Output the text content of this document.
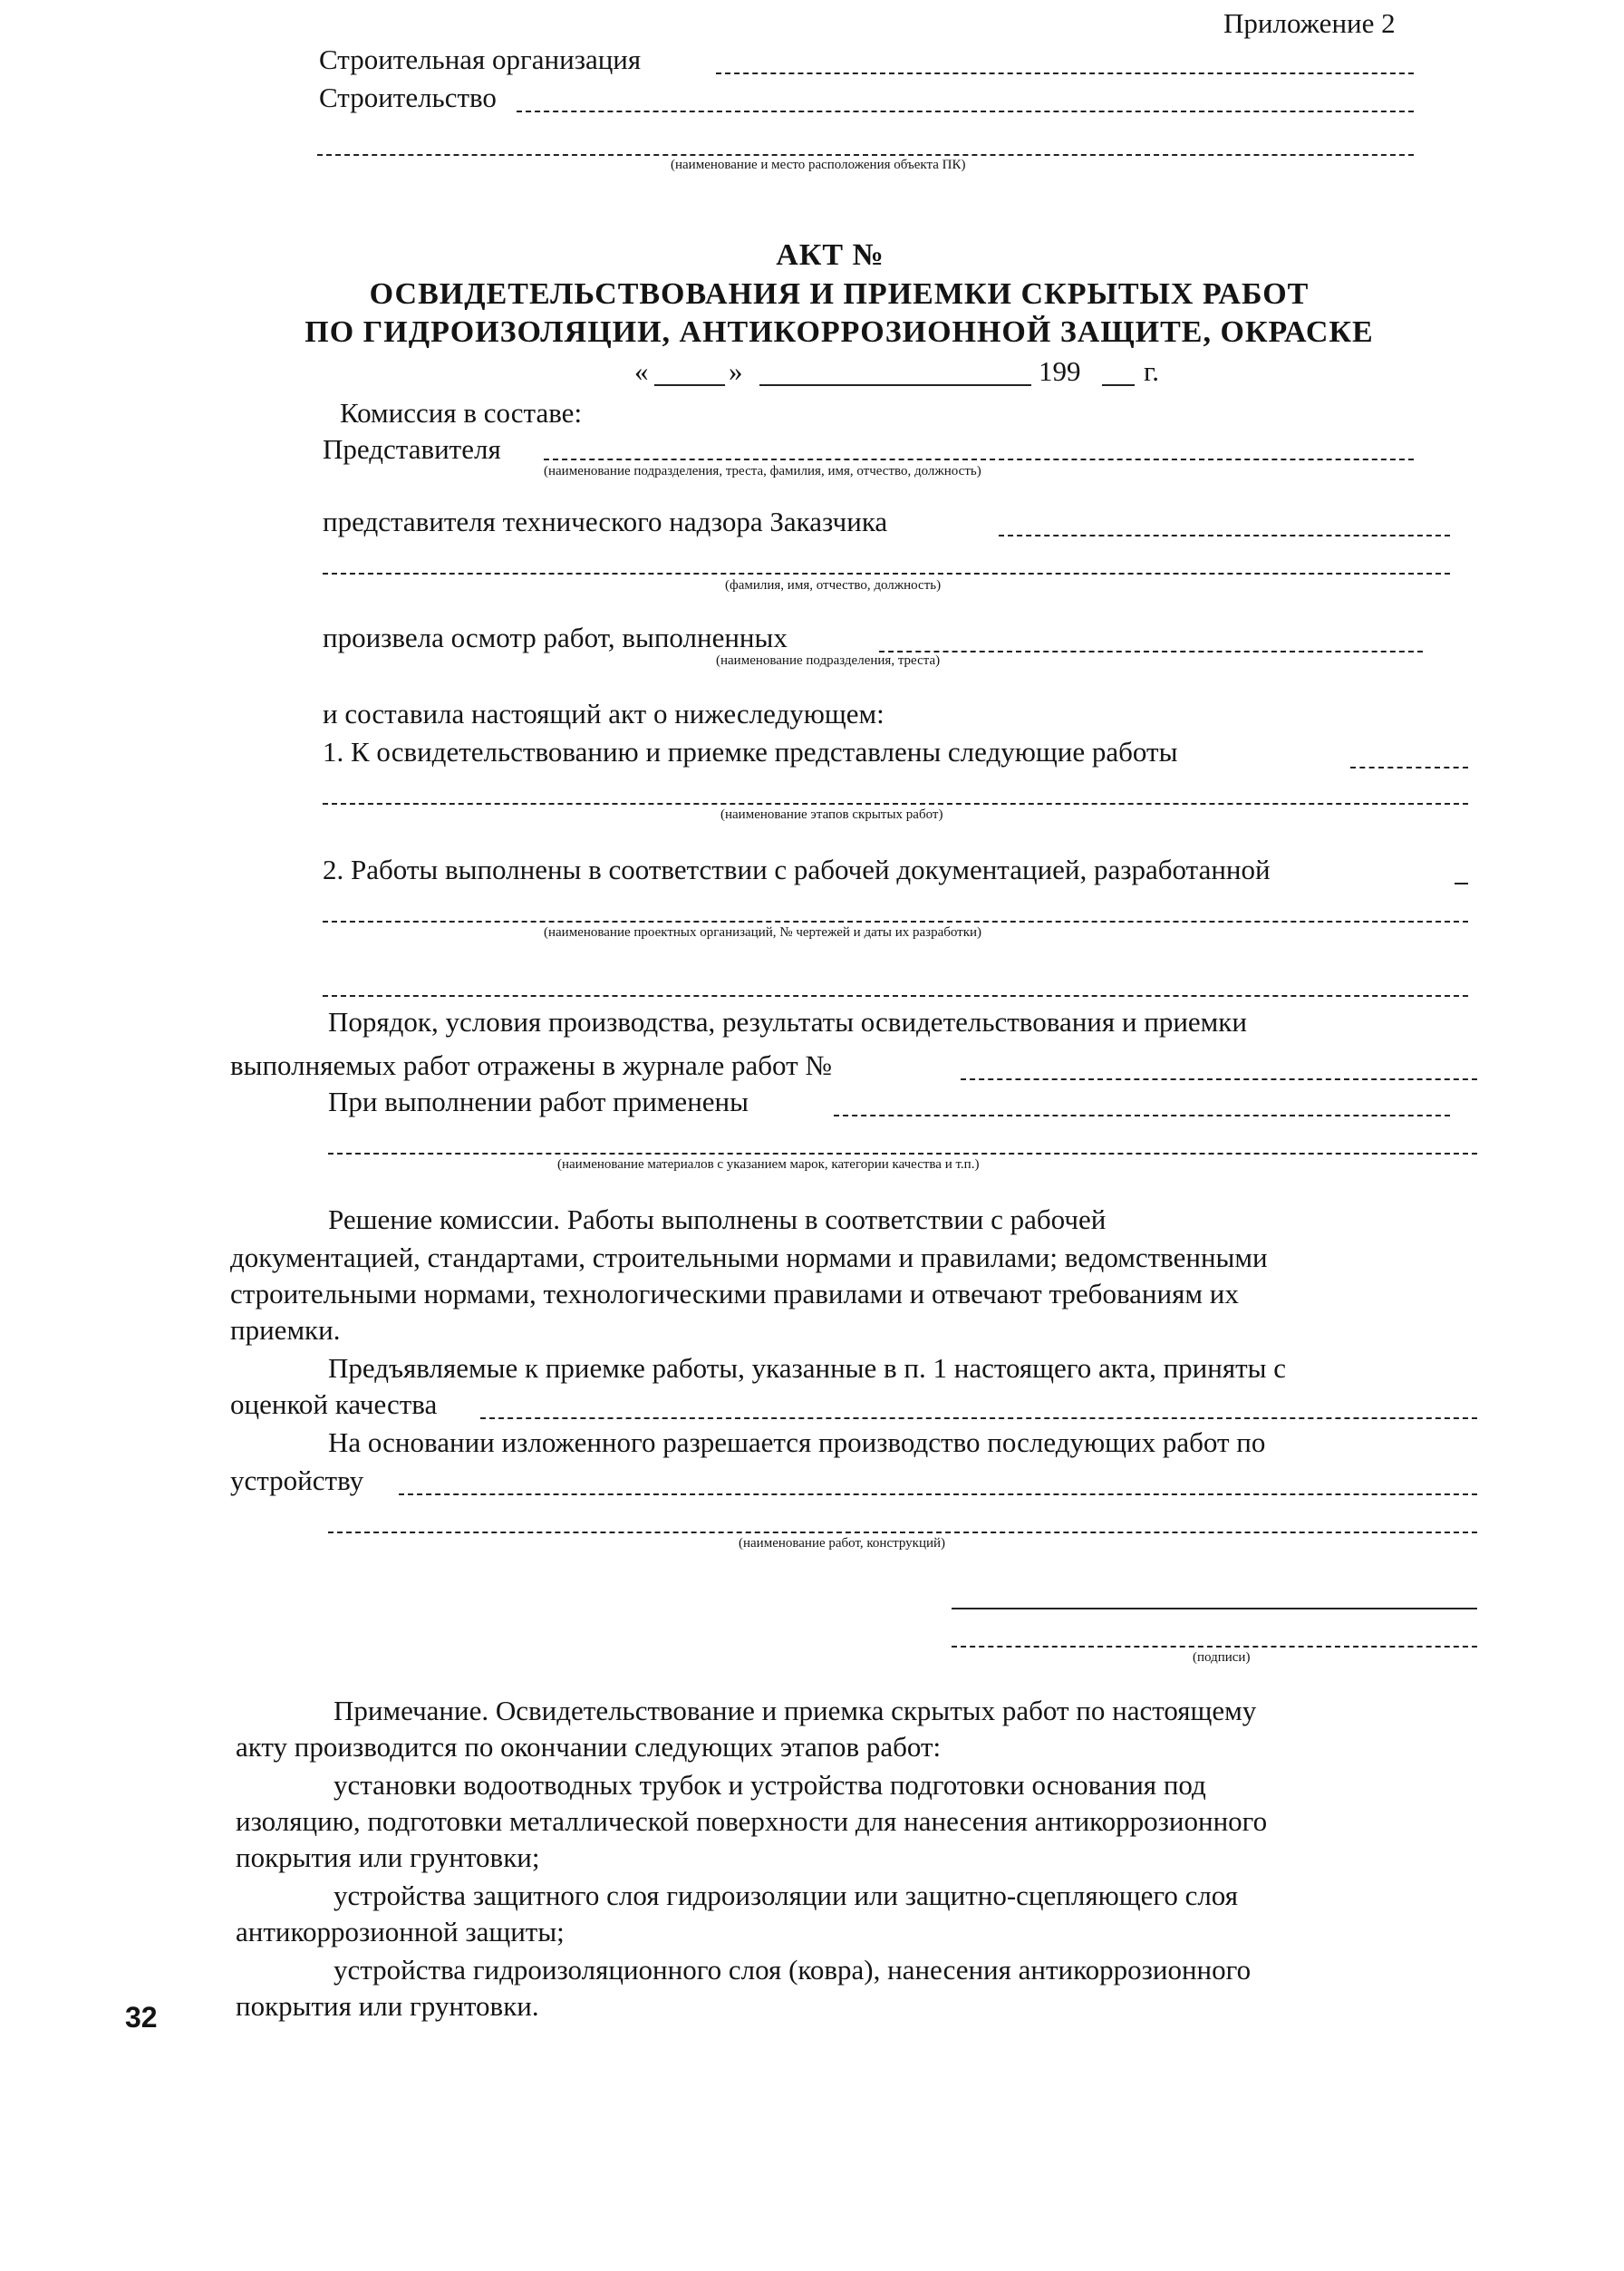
Приложение 2
Строительная организация
Строительство
(наименование и место расположения объекта ПК)
АКТ №
ОСВИДЕТЕЛЬСТВОВАНИЯ И ПРИЕМКИ СКРЫТЫХ РАБОТ
ПО ГИДРОИЗОЛЯЦИИ, АНТИКОРРОЗИОННОЙ ЗАЩИТЕ, ОКРАСКЕ
«	»	199 г.
Комиссия в составе:
Представителя
(наименование подразделения, треста, фамилия, имя, отчество, должность)
представителя технического надзора Заказчика
(фамилия, имя, отчество, должность)
произвела осмотр работ, выполненных
(наименование подразделения, треста)
и составила настоящий акт о нижеследующем:
1. К освидетельствованию и приемке представлены следующие работы
(наименование этапов скрытых работ)
2. Работы выполнены в соответствии с рабочей документацией, разработанной
(наименование проектных организаций, № чертежей и даты их разработки)
Порядок, условия производства, результаты освидетельствования и приемки
выполняемых работ отражены в журнале работ №
При выполнении работ применены
(наименование материалов с указанием марок, категории качества и т.п.)
Решение комиссии. Работы выполнены в соответствии с рабочей
документацией, стандартами, строительными нормами и правилами; ведомственными
строительными нормами, технологическими правилами и отвечают требованиям их
приемки.
Предъявляемые к приемке работы, указанные в п. 1 настоящего акта, приняты с
оценкой качества
На основании изложенного разрешается производство последующих работ по
устройству
(наименование работ, конструкций)
(подписи)
Примечание. Освидетельствование и приемка скрытых работ по настоящему
акту производится по окончании следующих этапов работ:
установки водоотводных трубок и устройства подготовки основания под
изоляцию, подготовки металлической поверхности для нанесения антикоррозионного
покрытия или грунтовки;
устройства защитного слоя гидроизоляции или защитно-сцепляющего слоя
антикоррозионной защиты;
устройства гидроизоляционного слоя (ковра), нанесения антикоррозионного
покрытия или грунтовки.
32
